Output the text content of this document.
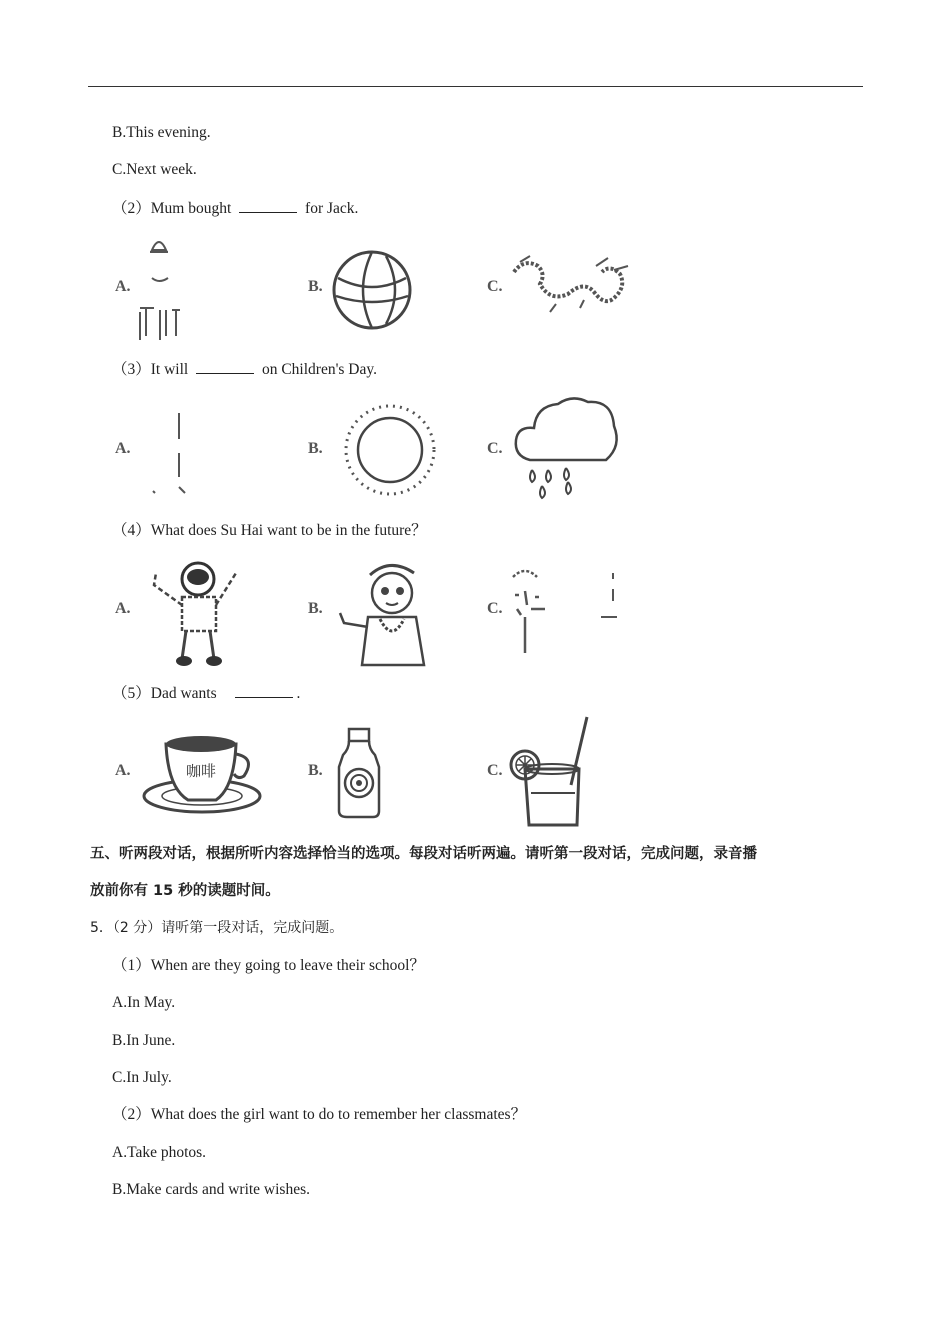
B.This evening.
C.Next week.
（2）Mum bought	for Jack.
A.	B.	C.
（3）It will	on Children's Day.
A.	B.	C.
（4）What does Su Hai want to be in the future？
A.	B.	C.
（5）Dad wants	.
A.	咖啡	B.	C.
五、听两段对话，根据所听内容选择恰当的选项。每段对话听两遍。请听第一段对话，完成问题，录音播
放前你有 15 秒的读题时间。
5．（2 分）请听第一段对话，完成问题。
（1）When are they going to leave their school？
A.In May.
B.In June.
C.In July.
（2）What does the girl want to do to remember her classmates？
A.Take photos.
B.Make cards and write wishes.
